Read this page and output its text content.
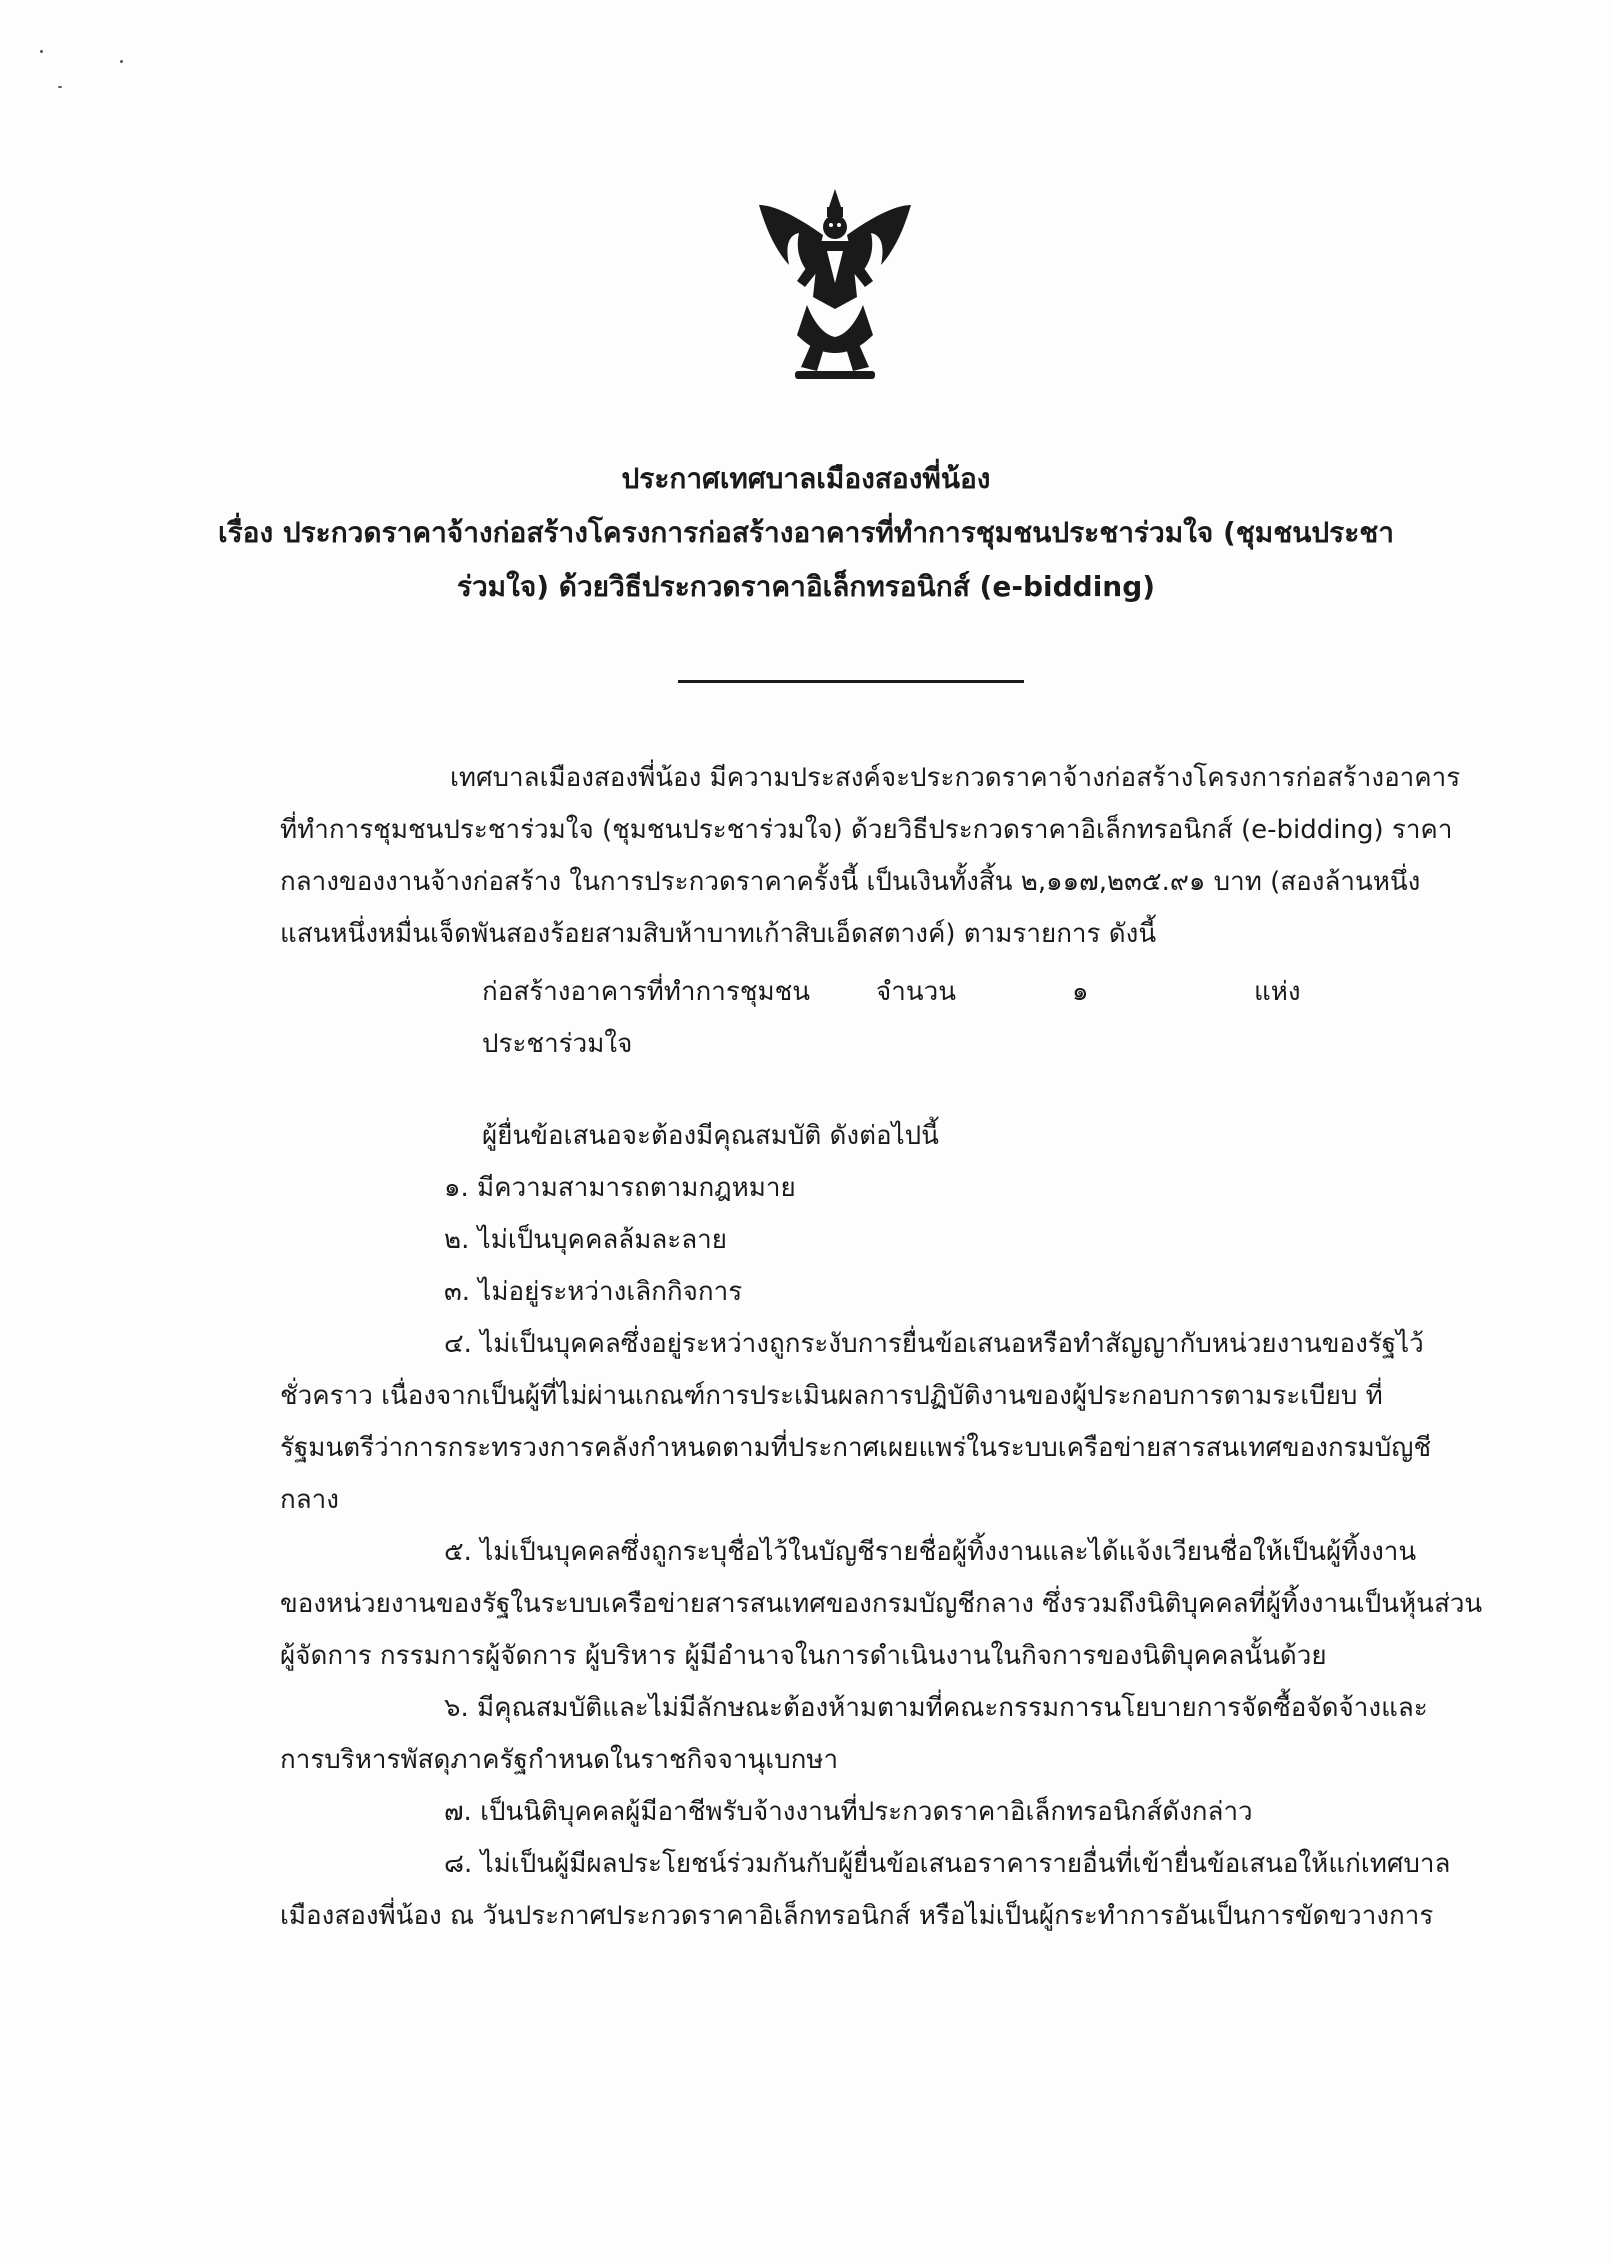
ประกาศเทศบาลเมืองสองพี่น้อง
เรื่อง ประกวดราคาจ้างก่อสร้างโครงการก่อสร้างอาคารที่ทำการชุมชนประชาร่วมใจ (ชุมชนประชา
ร่วมใจ) ด้วยวิธีประกวดราคาอิเล็กทรอนิกส์ (e-bidding)
เทศบาลเมืองสองพี่น้อง มีความประสงค์จะประกวดราคาจ้างก่อสร้างโครงการก่อสร้างอาคาร
ที่ทำการชุมชนประชาร่วมใจ (ชุมชนประชาร่วมใจ) ด้วยวิธีประกวดราคาอิเล็กทรอนิกส์ (e-bidding) ราคา
กลางของงานจ้างก่อสร้าง ในการประกวดราคาครั้งนี้ เป็นเงินทั้งสิ้น ๒,๑๑๗,๒๓๕.๙๑ บาท (สองล้านหนึ่ง
แสนหนึ่งหมื่นเจ็ดพันสองร้อยสามสิบห้าบาทเก้าสิบเอ็ดสตางค์) ตามรายการ ดังนี้
ก่อสร้างอาคารที่ทำการชุมชน
ประชาร่วมใจ
จำนวน	๑	แห่ง
ผู้ยื่นข้อเสนอจะต้องมีคุณสมบัติ ดังต่อไปนี้
๑. มีความสามารถตามกฎหมาย
๒. ไม่เป็นบุคคลล้มละลาย
๓. ไม่อยู่ระหว่างเลิกกิจการ
๔. ไม่เป็นบุคคลซึ่งอยู่ระหว่างถูกระงับการยื่นข้อเสนอหรือทำสัญญากับหน่วยงานของรัฐไว้
ชั่วคราว เนื่องจากเป็นผู้ที่ไม่ผ่านเกณฑ์การประเมินผลการปฏิบัติงานของผู้ประกอบการตามระเบียบ ที่
รัฐมนตรีว่าการกระทรวงการคลังกำหนดตามที่ประกาศเผยแพร่ในระบบเครือข่ายสารสนเทศของกรมบัญชี
กลาง
๕. ไม่เป็นบุคคลซึ่งถูกระบุชื่อไว้ในบัญชีรายชื่อผู้ทิ้งงานและได้แจ้งเวียนชื่อให้เป็นผู้ทิ้งงาน
ของหน่วยงานของรัฐในระบบเครือข่ายสารสนเทศของกรมบัญชีกลาง ซึ่งรวมถึงนิติบุคคลที่ผู้ทิ้งงานเป็นหุ้นส่วน
ผู้จัดการ กรรมการผู้จัดการ ผู้บริหาร ผู้มีอำนาจในการดำเนินงานในกิจการของนิติบุคคลนั้นด้วย
๖. มีคุณสมบัติและไม่มีลักษณะต้องห้ามตามที่คณะกรรมการนโยบายการจัดซื้อจัดจ้างและ
การบริหารพัสดุภาครัฐกำหนดในราชกิจจานุเบกษา
๗. เป็นนิติบุคคลผู้มีอาชีพรับจ้างงานที่ประกวดราคาอิเล็กทรอนิกส์ดังกล่าว
๘. ไม่เป็นผู้มีผลประโยชน์ร่วมกันกับผู้ยื่นข้อเสนอราคารายอื่นที่เข้ายื่นข้อเสนอให้แก่เทศบาล
เมืองสองพี่น้อง ณ วันประกาศประกวดราคาอิเล็กทรอนิกส์ หรือไม่เป็นผู้กระทำการอันเป็นการขัดขวางการ
